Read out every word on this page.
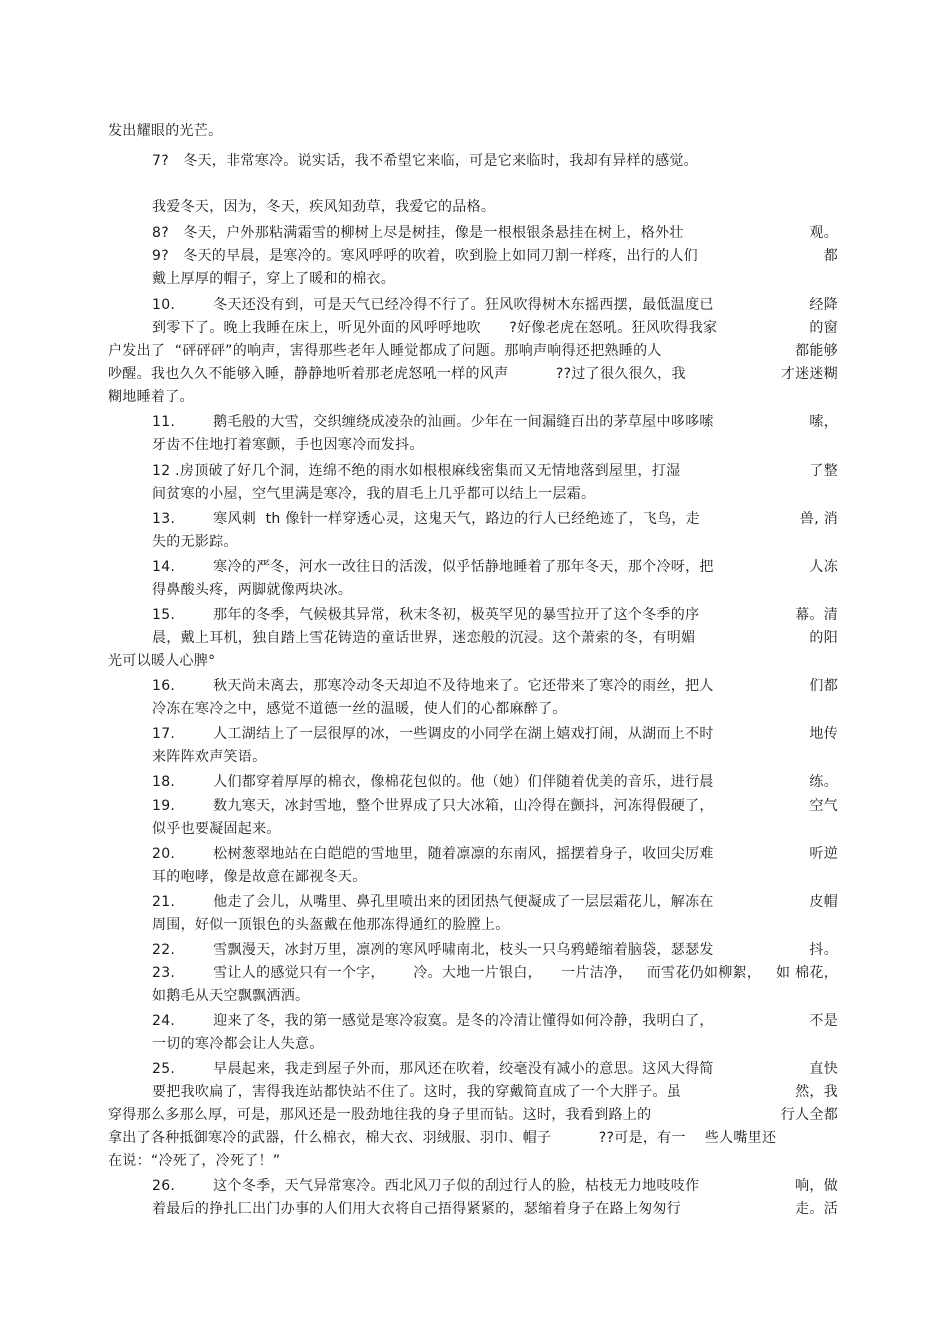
发出耀眼的光芒。
7?   冬天，非常寒冷。说实话，我不希望它来临，可是它来临时，我却有异样的感觉。
我爱冬天，因为，冬天，疾风知劲草，我爱它的品格。
8?   冬天，户外那粘满霜雪的柳树上尽是树挂，像是一根根银条悬挂在树上，格外壮	观。
9?   冬天的早晨，是寒冷的。寒风呼呼的吹着，吹到脸上如同刀割一样疼，出行的人们	都
戴上厚厚的帽子，穿上了暖和的棉衣。
10.        冬天还没有到，可是天气已经冷得不行了。狂风吹得树木东摇西摆，最低温度已	经降
到零下了。晚上我睡在床上，听见外面的风呼呼地吹      ?好像老虎在怒吼。狂风吹得我家	的窗
户发出了  “砰砰砰”的响声，害得那些老年人睡觉都成了问题。那响声响得还把熟睡的人	都能够
吵醒。我也久久不能够入睡，静静地听着那老虎怒吼一样的风声          ??过了很久很久，我	才迷迷糊
糊地睡着了。
11.        鹅毛般的大雪，交织缠绕成凌杂的汕画。少年在一间漏缝百出的茅草屋中哆哆嗦	嗦，
牙齿不住地打着寒颤，手也因寒冷而发抖。
12 .房顶破了好几个洞，连绵不绝的雨水如根根麻线密集而又无情地落到屋里，打湿	了整
间贫寒的小屋，空气里满是寒冷，我的眉毛上几乎都可以结上一层霜。
13.        寒风刺  th 像针一样穿透心灵，这鬼天气，路边的行人已经绝迹了，飞鸟，走	兽, 消
失的无影踪。
14.        寒冷的严冬，河水一改往日的活泼，似乎恬静地睡着了那年冬天，那个冷呀，把	人冻
得鼻酸头疼，两脚就像两块冰。
15.        那年的冬季，气候极其异常，秋末冬初，极英罕见的暴雪拉开了这个冬季的序	幕。清
晨，戴上耳机，独自踏上雪花铸造的童话世界，迷恋般的沉浸。这个萧索的冬，有明媚	的阳
光可以暖人心脾°
16.        秋天尚未离去，那寒冷动冬天却迫不及待地来了。它还带来了寒冷的雨丝，把人	们都
冷冻在寒冷之中，感觉不道德一丝的温暖，使人们的心都麻醉了。
17.        人工湖结上了一层很厚的冰，一些调皮的小同学在湖上嬉戏打闹，从湖而上不时	地传
来阵阵欢声笑语。
18.        人们都穿着厚厚的棉衣，像棉花包似的。他（她）们伴随着优美的音乐，进行晨	练。
19.        数九寒天，冰封雪地，整个世界成了只大冰箱，山冷得在颤抖，河冻得假硬了，	空气
似乎也要凝固起来。
20.        松树葱翠地站在白皑皑的雪地里，随着凛凛的东南风，摇摆着身子，收回尖厉难	听逆
耳的咆哮，像是故意在鄙视冬天。
21.        他走了会儿，从嘴里、鼻孔里喷出来的团团热气便凝成了一层层霜花儿，解冻在	皮帽
周围，好似一顶银色的头盔戴在他那冻得通红的脸膛上。
22.        雪飘漫天，冰封万里，凛冽的寒风呼啸南北，枝头一只乌鸦蜷缩着脑袋，瑟瑟发	抖。
23.        雪让人的感觉只有一个字，      冷。大地一片银白，    一片洁净，   而雪花仍如柳絮， 如 棉花，
如鹅毛从天空飘飘洒洒。
24.        迎来了冬，我的第一感觉是寒冷寂寞。是冬的冷清让懂得如何冷静，我明白了，	不是
一切的寒冷都会让人失意。
25.        早晨起来，我走到屋子外而，那风还在吹着，绞毫没有减小的意思。这风大得简	直快
要把我吹扁了，害得我连站都快站不住了。这时，我的穿戴简直成了一个大胖子。虽	然，我
穿得那么多那么厚，可是，那风还是一股劲地往我的身子里而钻。这时，我看到路上的	行人全都
拿出了各种抵御寒冷的武器，什么棉衣，棉大衣、羽绒服、羽巾、帽子          ??可是，有一    些人嘴里还
在说：“冷死了，冷死了！”
26.        这个冬季，天气异常寒冷。西北风刀子似的刮过行人的脸，枯枝无力地吱吱作	响，做
着最后的挣扎匚出门办事的人们用大衣将自己捂得紧紧的，瑟缩着身子在路上匆匆行	走。活
